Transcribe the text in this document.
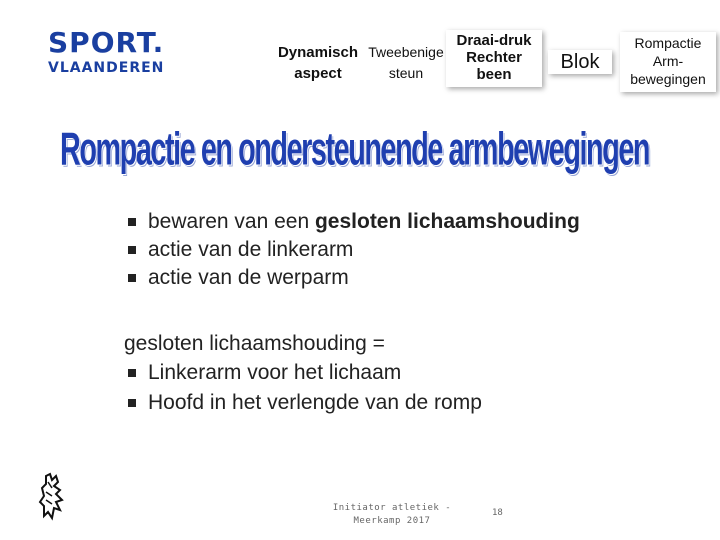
SPORT.
VLAANDEREN
Dynamisch
aspect
Tweebenige
steun
Draai-druk
Rechter
been
Blok
Rompactie
Arm-
bewegingen
Rompactie en ondersteunende armbewegingen
bewaren van een gesloten lichaamshouding
actie van de linkerarm
actie van de werparm
gesloten lichaamshouding =
Linkerarm voor het lichaam
Hoofd in het verlengde van de romp
Initiator atletiek -
Meerkamp 2017
18
